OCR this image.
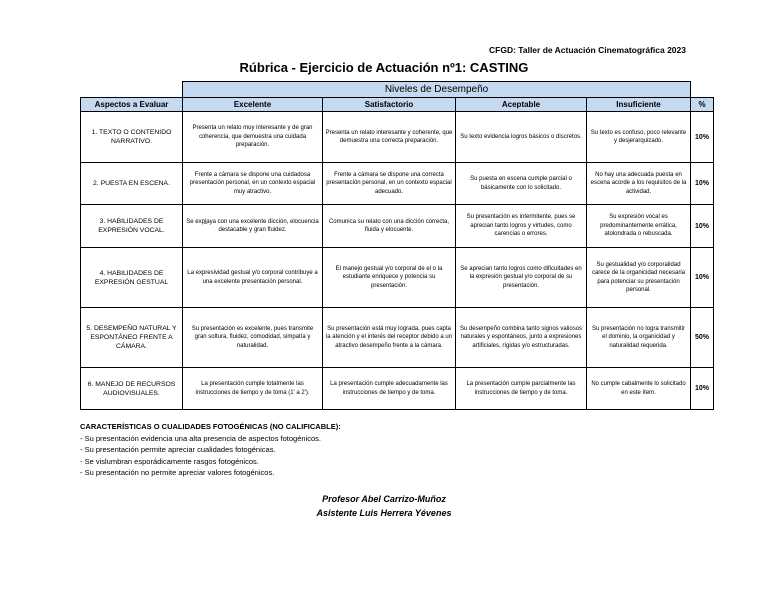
CFGD: Taller de Actuación Cinematográfica 2023
Rúbrica - Ejercicio de Actuación nº1: CASTING
	Niveles de Desempeño				
Aspectos a Evaluar	Excelente	Satisfactorio	Aceptable	Insuficiente	%
1. TEXTO O CONTENIDO NARRATIVO.	Presenta un relato muy interesante y de gran coherencia, que demuestra una cuidada preparación.	Presenta un relato interesante y coherente, que demuestra una correcta preparación.	Su texto evidencia logros básicos o discretos.	Su texto es confuso, poco relevante y desjerarquizado.	10%
2. PUESTA EN ESCENA.	Frente a cámara se dispone una cuidadosa presentación personal, en un contexto espacial muy atractivo.	Frente a cámara se dispone una correcta presentación personal, en un contexto espacial adecuado.	Su puesta en escena cumple parcial o básicamente con lo solicitado.	No hay una adecuada puesta en escena acorde a los requisitos de la actividad.	10%
3. HABILIDADES DE EXPRESIÓN VOCAL.	Se expl̲aya con una excelente dicción, elocuencia destacable y gran fluidez.	Comunica su relato con una dicción correcta, fluida y elocuente.	Su presentación es intermitente, pues se aprecian tanto logros y virtudes, como carencias o errores.	Su expresión vocal es predominantemente errática, atolondrada o rebuscada.	10%
4. HABILIDADES DE EXPRESIÓN GESTUAL	La expresividad gestual y/o corporal contribuye a una excelente presentación personal.	El manejo gestual y/o corporal de el o la estudiante enriquece y potencia su presentación.	Se aprecian tanto logros como dificultades en la expresión gestual y/o corporal de su presentación.	Su gestualidad y/o corporalidad carece de la organicidad necesaria para potenciar su presentación personal.	10%
5. DESEMPEÑO NATURAL Y ESPONTÁNEO FRENTE A CÁMARA.	Su presentación es excelente, pues transmite gran soltura, fluidez, comodidad, simpatía y naturalidad.	Su presentación está muy lograda, pues capta la atención y el interés del receptor debido a un atractivo desempeño frente a la cámara.	Su desempeño combina tanto signos valiosos naturales y espontáneos, junto a expresiones artificiales, rígidas y/o estructuradas.	Su presentación no logra transmitir el dominio, la organicidad y naturalidad requerida.	50%
6. MANEJO DE RECURSOS AUDIOVISUALES.	La presentación cumple totalmente las instrucciones de tiempo y de toma (1' a 2').	La presentación cumple adecuadamente las instrucciones de tiempo y de toma.	La presentación cumple parcialmente las instrucciones de tiempo y de toma.	No cumple cabalmente lo solicitado en este ítem.	10%
CARACTERÍSTICAS O CUALIDADES FOTOGÉNICAS (NO CALIFICABLE):
- Su presentación evidencia una alta presencia de aspectos fotogénicos.
- Su presentación permite apreciar cualidades fotogénicas.
- Se vislumbran esporádicamente rasgos fotogénicos.
- Su presentación no permite apreciar valores fotogénicos.
Profesor Abel Carrizo-Muñoz
Asistente Luis Herrera Yévenes
